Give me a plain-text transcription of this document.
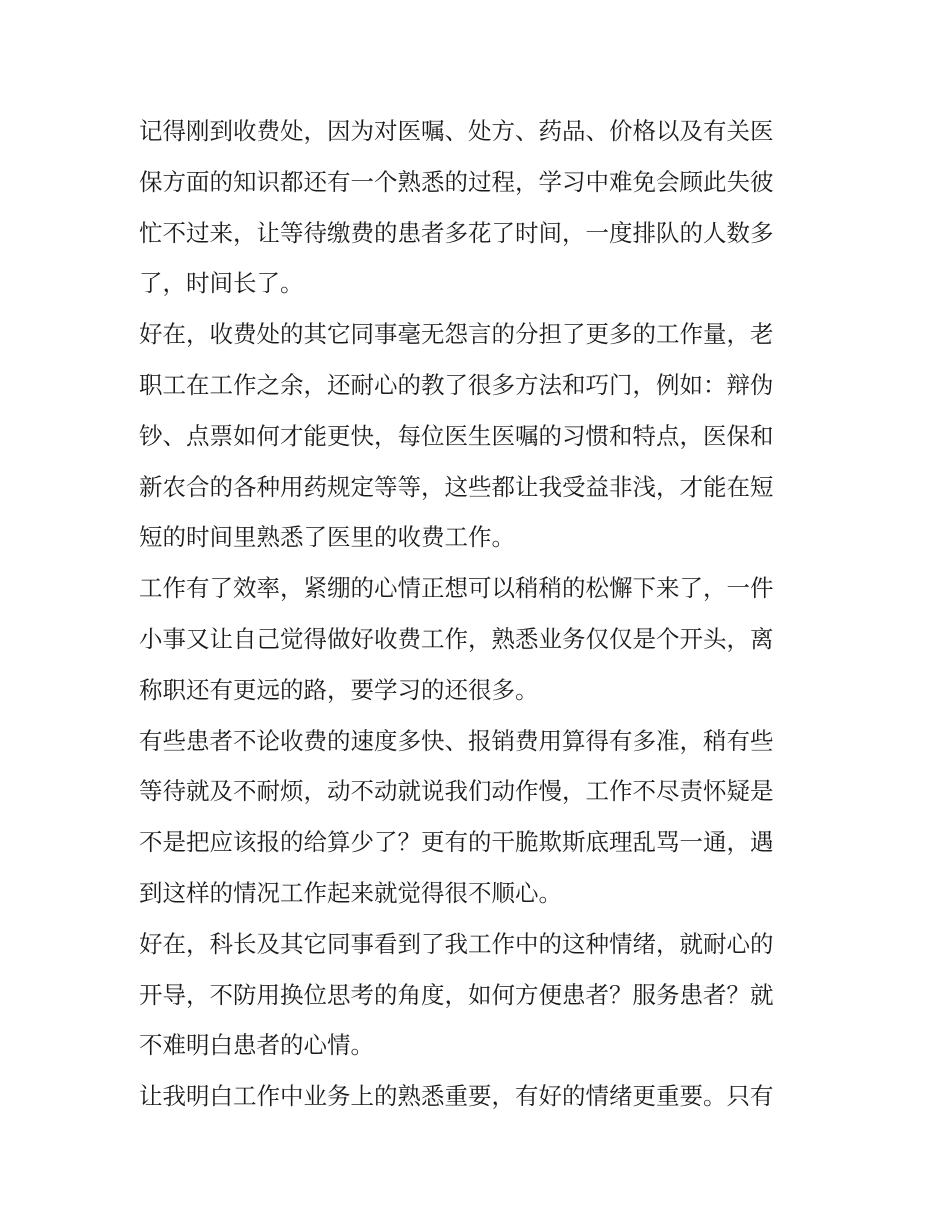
记得刚到收费处，因为对医嘱、处方、药品、价格以及有关医
保方面的知识都还有一个熟悉的过程，学习中难免会顾此失彼
忙不过来，让等待缴费的患者多花了时间，一度排队的人数多
了，时间长了。
好在，收费处的其它同事毫无怨言的分担了更多的工作量，老
职工在工作之余，还耐心的教了很多方法和巧门，例如：辩伪
钞、点票如何才能更快，每位医生医嘱的习惯和特点，医保和
新农合的各种用药规定等等，这些都让我受益非浅，才能在短
短的时间里熟悉了医里的收费工作。
工作有了效率，紧绷的心情正想可以稍稍的松懈下来了，一件
小事又让自己觉得做好收费工作，熟悉业务仅仅是个开头，离
称职还有更远的路，要学习的还很多。
有些患者不论收费的速度多快、报销费用算得有多准，稍有些
等待就及不耐烦，动不动就说我们动作慢，工作不尽责怀疑是
不是把应该报的给算少了？更有的干脆欺斯底理乱骂一通，遇
到这样的情况工作起来就觉得很不顺心。
好在，科长及其它同事看到了我工作中的这种情绪，就耐心的
开导，不防用换位思考的角度，如何方便患者？服务患者？就
不难明白患者的心情。
让我明白工作中业务上的熟悉重要，有好的情绪更重要。只有
